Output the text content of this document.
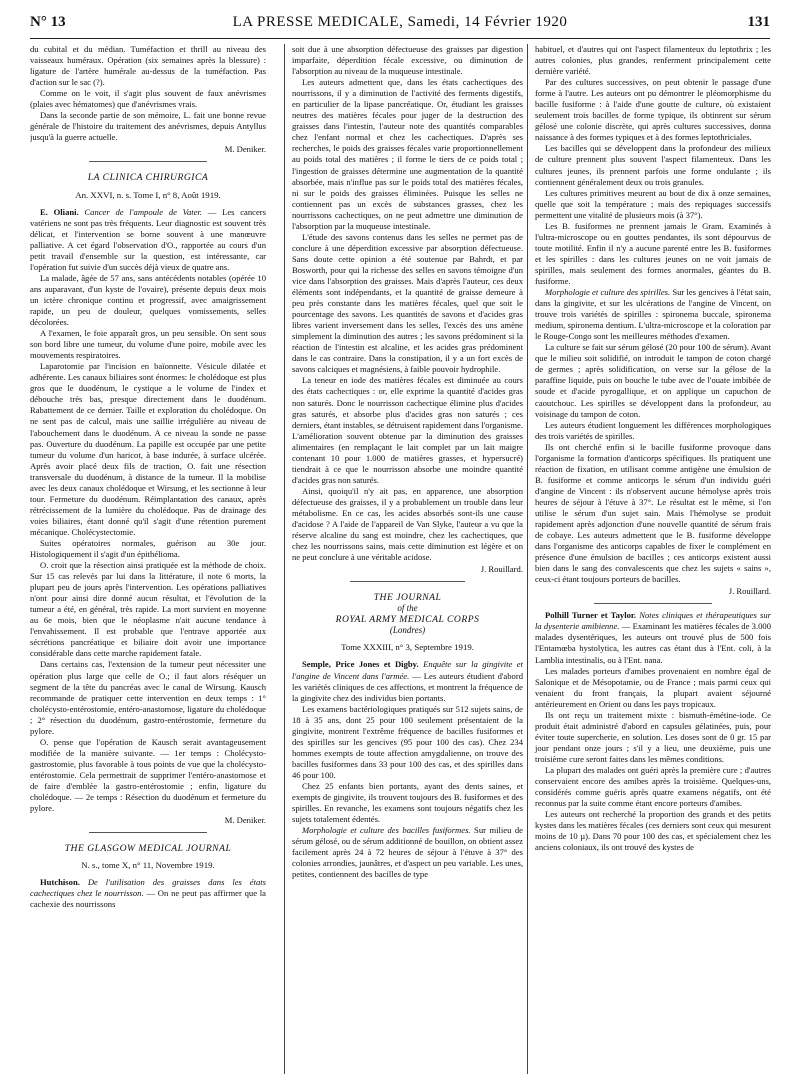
N° 13	LA PRESSE MEDICALE, Samedi, 14 Février 1920	131

du cubital et du médian. Tuméfaction et thrill au niveau des vaisseaux huméraux. Opération (six semaines après la blessure) : ligature de l'artère humérale au-dessus de la tuméfaction. Pas d'action sur le sac (?).

Comme on le voit, il s'agit plus souvent de faux anévrismes (plaies avec hématomes) que d'anévrismes vrais.

Dans la seconde partie de son mémoire, L. fait une bonne revue générale de l'histoire du traitement des anévrismes, depuis Antyllus jusqu'à la guerre actuelle.

M. Deniker.
LA CLINICA CHIRURGICA
An. XXVI, n. s. Tome I, n° 8, Août 1919.

E. Oliani. Cancer de l'ampoule de Vater. — Les cancers vatériens ne sont pas très fréquents. Leur diagnostic est souvent très délicat, et l'intervention se borne souvent à une manœuvre palliative. A cet égard l'observation d'O., rapportée au cours d'un petit travail d'ensemble sur la question, est intéressante, car l'opération fut suivie d'un succès déjà vieux de quatre ans.

La malade, âgée de 57 ans, sans antécédents notables (opérée 10 ans auparavant, d'un kyste de l'ovaire), présente depuis deux mois un ictère chronique continu et progressif, avec amaigrissement rapide, un peu de douleur, quelques vomissements, selles décolorées.

A l'examen, le foie apparaît gros, un peu sensible. On sent sous son bord libre une tumeur, du volume d'une poire, mobile avec les mouvements respiratoires.

Laparotomie par l'incision en baïonnette. Vésicule dilatée et adhérente. Les canaux biliaires sont énormes: le cholédoque est plus gros que le duodénum, le cystique a le volume de l'index et débouche très bas, presque directement dans le duodénum. Rabattement de ce dernier. Taille et exploration du cholédoque. On ne sent pas de calcul, mais une saillie irrégulière au niveau de l'abouchement dans le duodénum. A ce niveau la sonde ne passe pas. Ouverture du duodénum. La papille est occupée par une petite tumeur du volume d'un haricot, à base indurée, à surface ulcérée. Après avoir placé deux fils de traction, O. fait une résection transversale du duodénum, à distance de la tumeur. Il la mobilise avec les deux canaux cholédoque et Wirsung, et les sectionne à leur tour. Fermeture du duodénum. Réimplantation des canaux, après rétrécissement de la lumière du cholédoque. Pas de drainage des voies biliaires, étant donné qu'il s'agit d'une rétention purement mécanique. Cholécystectomie.

Suites opératoires normales, guérison au 30e jour. Histologiquement il s'agit d'un épithélioma.

O. croit que la résection ainsi pratiquée est la méthode de choix. Sur 15 cas relevés par lui dans la littérature, il note 6 morts, la plupart peu de jours après l'intervention. Les opérations palliatives n'ont pour ainsi dire donné aucun résultat, et l'évolution de la tumeur a été, en général, très rapide. La mort survient en moyenne au 6e mois, bien que le néoplasme n'ait aucune tendance à l'envahissement. Il est probable que l'entrave apportée aux sécrétions pancréatique et biliaire doit avoir une importance considérable dans cette marche rapidement fatale.

Dans certains cas, l'extension de la tumeur peut nécessiter une opération plus large que celle de O.; il faut alors réséquer un segment de la tête du pancréas avec le canal de Wirsung. Kausch recommande de pratiquer cette intervention en deux temps : 1° cholécysto-entérostomie, entéro-anastomose, ligature du cholédoque ; 2° résection du duodénum, gastro-entérostomie, fermeture du pylore.

O. pense que l'opération de Kausch serait avantageusement modifiée de la manière suivante. — 1er temps : Cholécysto-gastrostomie, plus favorable à tous points de vue que la cholécysto-entérostomie. Cela permettrait de supprimer l'entéro-anastomose et de faire d'emblée la gastro-entérostomie ; enfin, ligature du cholédoque. — 2e temps : Résection du duodénum et fermeture du pylore.

M. Deniker.
THE GLASGOW MEDICAL JOURNAL
N. s., tome X, n° 11, Novembre 1919.

Hutchison. De l'utilisation des graisses dans les états cachectiques chez le nourrisson. — On ne peut pas affirmer que la cachexie des nourrissons

soit due à une absorption défectueuse des graisses par digestion imparfaite, déperdition fécale excessive, ou diminution de l'absorption au niveau de la muqueuse intestinale.

Les auteurs admettent que, dans les états cachectiques des nourrissons, il y a diminution de l'activité des ferments digestifs, en particulier de la lipase pancréatique. Or, étudiant les graisses neutres des matières fécales pour juger de la destruction des graisses dans l'intestin, l'auteur note des quantités comparables chez l'enfant normal et chez les cachectiques. D'après ses recherches, le poids des graisses fécales varie proportionnellement au poids total des matières ; il forme le tiers de ce poids total ; l'ingestion de graisses détermine une augmentation de la quantité absorbée, mais n'influe pas sur le poids total des matières fécales, ni sur le poids des graisses éliminées. Puisque les selles ne contiennent pas un excès de substances grasses, chez les nourrissons cachectiques, on ne peut admettre une diminution de l'absorption par la muqueuse intestinale.

L'étude des savons contenus dans les selles ne permet pas de conclure à une déperdition excessive par absorption défectueuse. Sans doute cette opinion a été soutenue par Bahrdt, et par Bosworth, pour qui la richesse des selles en savons témoigne d'un vice dans l'absorption des graisses. Mais d'après l'auteur, ces deux éléments sont indépendants, et la quantité de graisse demeure à peu près constante dans les matières fécales, quel que soit le pourcentage des savons. Les quantités de savons et d'acides gras libres varient inversement dans les selles, l'excès des uns amène simplement la diminution des autres ; les savons prédominent si la réaction de l'intestin est alcaline, et les acides gras prédominent dans le cas contraire. Dans la constipation, il y a un fort excès de savons calciques et magnésiens, à faible pouvoir hydrophile.

La teneur en iode des matières fécales est diminuée au cours des états cachectiques : or, elle exprime la quantité d'acides gras non saturés. Donc le nourrisson cachectique élimine plus d'acides gras saturés, et absorbe plus d'acides gras non saturés ; ces derniers, étant instables, se détruisent rapidement dans l'organisme. L'amélioration souvent obtenue par la diminution des graisses alimentaires (en remplaçant le lait complet par un lait maigre contenant 10 pour 1.000 de matières grasses, et hypersucré) tiendrait à ce que le nourrisson absorbe une moindre quantité d'acides gras non saturés.

Ainsi, quoiqu'il n'y ait pas, en apparence, une absorption défectueuse des graisses, il y a probablement un trouble dans leur métabolisme. En ce cas, les acides absorbés sont-ils une cause d'acidose ? A l'aide de l'appareil de Van Slyke, l'auteur a vu que la réserve alcaline du sang est moindre, chez les cachectiques, que chez les nourrissons sains, mais cette diminution est légère et on ne peut conclure à une véritable acidose.

J. Rouillard.
THE JOURNAL
of the
ROYAL ARMY MEDICAL CORPS
(Londres)
Tome XXXIII, n° 3, Septembre 1919.

Semple, Price Jones et Digby. Enquête sur la gingivite et l'angine de Vincent dans l'armée. — Les auteurs étudient d'abord les variétés cliniques de ces affections, et montrent la fréquence de la gingivite chez des individus bien portants.

Les examens bactériologiques pratiqués sur 512 sujets sains, de 18 à 35 ans, dont 25 pour 100 seulement présentaient de la gingivite, montrent l'extrême fréquence de bacilles fusiformes et des spirilles sur les gencives (95 pour 100 des cas). Chez 234 hommes exempts de toute affection amygdalienne, on trouve des bacilles fusiformes dans 33 pour 100 des cas, et des spirilles dans 46 pour 100.

Chez 25 enfants bien portants, ayant des dents saines, et exempts de gingivite, ils trouvent toujours des B. fusiformes et des spirilles. En revanche, les examens sont toujours négatifs chez les sujets totalement édentés.

Morphologie et culture des bacilles fusiformes. Sur milieu de sérum gélosé, ou de sérum additionné de bouillon, on obtient assez facilement après 24 à 72 heures de séjour à l'étuve à 37° des colonies arrondies, jaunâtres, et d'aspect un peu variable. Les unes, petites, contiennent des bacilles de type

habituel, et d'autres qui ont l'aspect filamenteux du leptothrix ; les autres colonies, plus grandes, renferment principalement cette dernière variété.

Par des cultures successives, on peut obtenir le passage d'une forme à l'autre. Les auteurs ont pu démontrer le pléomorphisme du bacille fusiforme : à l'aide d'une goutte de culture, où existaient seulement trois bacilles de forme typique, ils obtinrent sur sérum gélosé une colonie discrète, qui après cultures successives, donna naissance à des formes typiques et à des formes leptothriciales.

Les bacilles qui se développent dans la profondeur des milieux de culture prennent plus souvent l'aspect filamenteux. Dans les cultures jeunes, ils prennent parfois une forme ondulante ; ils contiennent généralement deux ou trois granules.

Les cultures primitives meurent au bout de dix à onze semaines, quelle que soit la température ; mais des repiquages successifs permettent une vitalité de plusieurs mois (à 37°).

Les B. fusiformes ne prennent jamais le Gram. Examinés à l'ultra-microscope ou en gouttes pendantes, ils sont dépourvus de toute motilité. Enfin il n'y a aucune parenté entre les B. fusiformes et les spirilles : dans les cultures jeunes on ne voit jamais de spirilles, mais seulement des formes anormales, géantes du B. fusiforme.

Morphologie et culture des spirilles. Sur les gencives à l'état sain, dans la gingivite, et sur les ulcérations de l'angine de Vincent, on trouve trois variétés de spirilles : spironema buccale, spironema medium, spironema dentium. L'ultra-microscope et la coloration par le Rouge-Congo sont les meilleures méthodes d'examen.

La culture se fait sur sérum gélosé (20 pour 100 de sérum). Avant que le milieu soit solidifié, on introduit le tampon de coton chargé de germes ; après solidification, on verse sur la gélose de la paraffine liquide, puis on bouche le tube avec de l'ouate imbibée de soude et d'acide pyrogallique, et on applique un capuchon de caoutchouc. Les spirilles se développent dans la profondeur, au voisinage du tampon de coton.

Les auteurs étudient longuement les différences morphologiques des trois variétés de spirilles.

Ils ont cherché enfin si le bacille fusiforme provoque dans l'organisme la formation d'anticorps spécifiques. Ils pratiquent une réaction de fixation, en utilisant comme antigène une émulsion de B. fusiforme et comme anticorps le sérum d'un individu guéri d'angine de Vincent : ils n'observent aucune hémolyse après trois heures de séjour à l'étuve à 37°. Le résultat est le même, si l'on utilise le sérum d'un sujet sain. Mais l'hémolyse se produit rapidement après adjonction d'une nouvelle quantité de sérum frais de cobaye. Les auteurs admettent que le B. fusiforme développe dans l'organisme des anticorps capables de fixer le complément en présence d'une émulsion de bacilles ; ces anticorps existent aussi bien dans le sang des convalescents que chez les sujets « sains », ceux-ci étant toujours porteurs de bacilles.

J. Rouillard.

Polhill Turner et Taylor. Notes cliniques et thérapeutiques sur la dysenterie amibienne. — Examinant les matières fécales de 3.000 malades dysentériques, les auteurs ont trouvé plus de 500 fois l'Entamœba hystolytica, les autres cas étant dus à l'Ent. coli, à la Lamblia intestinalis, ou à l'Ent. nana.

Les malades porteurs d'amibes provenaient en nombre égal de Salonique et de Mésopotamie, ou de France ; mais parmi ceux qui venaient du front français, la plupart avaient séjourné antérieurement en Orient ou dans les pays tropicaux.

Ils ont reçu un traitement mixte : bismuth-émétine-iode. Ce produit était administré d'abord en capsules gélatinées, puis, pour éviter toute supercherie, en solution. Les doses sont de 0 gr. 15 par jour pendant onze jours ; s'il y a lieu, une deuxième, puis une troisième cure seront faites dans les mêmes conditions.

La plupart des malades ont guéri après la première cure ; d'autres conservaient encore des amibes après la troisième. Quelques-uns, considérés comme guéris après quatre examens négatifs, ont été reconnus par la suite comme étant encore porteurs d'amibes.

Les auteurs ont recherché la proportion des grands et des petits kystes dans les matières fécales (ces derniers sont ceux qui mesurent moins de 10 µ). Dans 70 pour 100 des cas, et spécialement chez les anciens coloniaux, ils ont trouvé des kystes de
